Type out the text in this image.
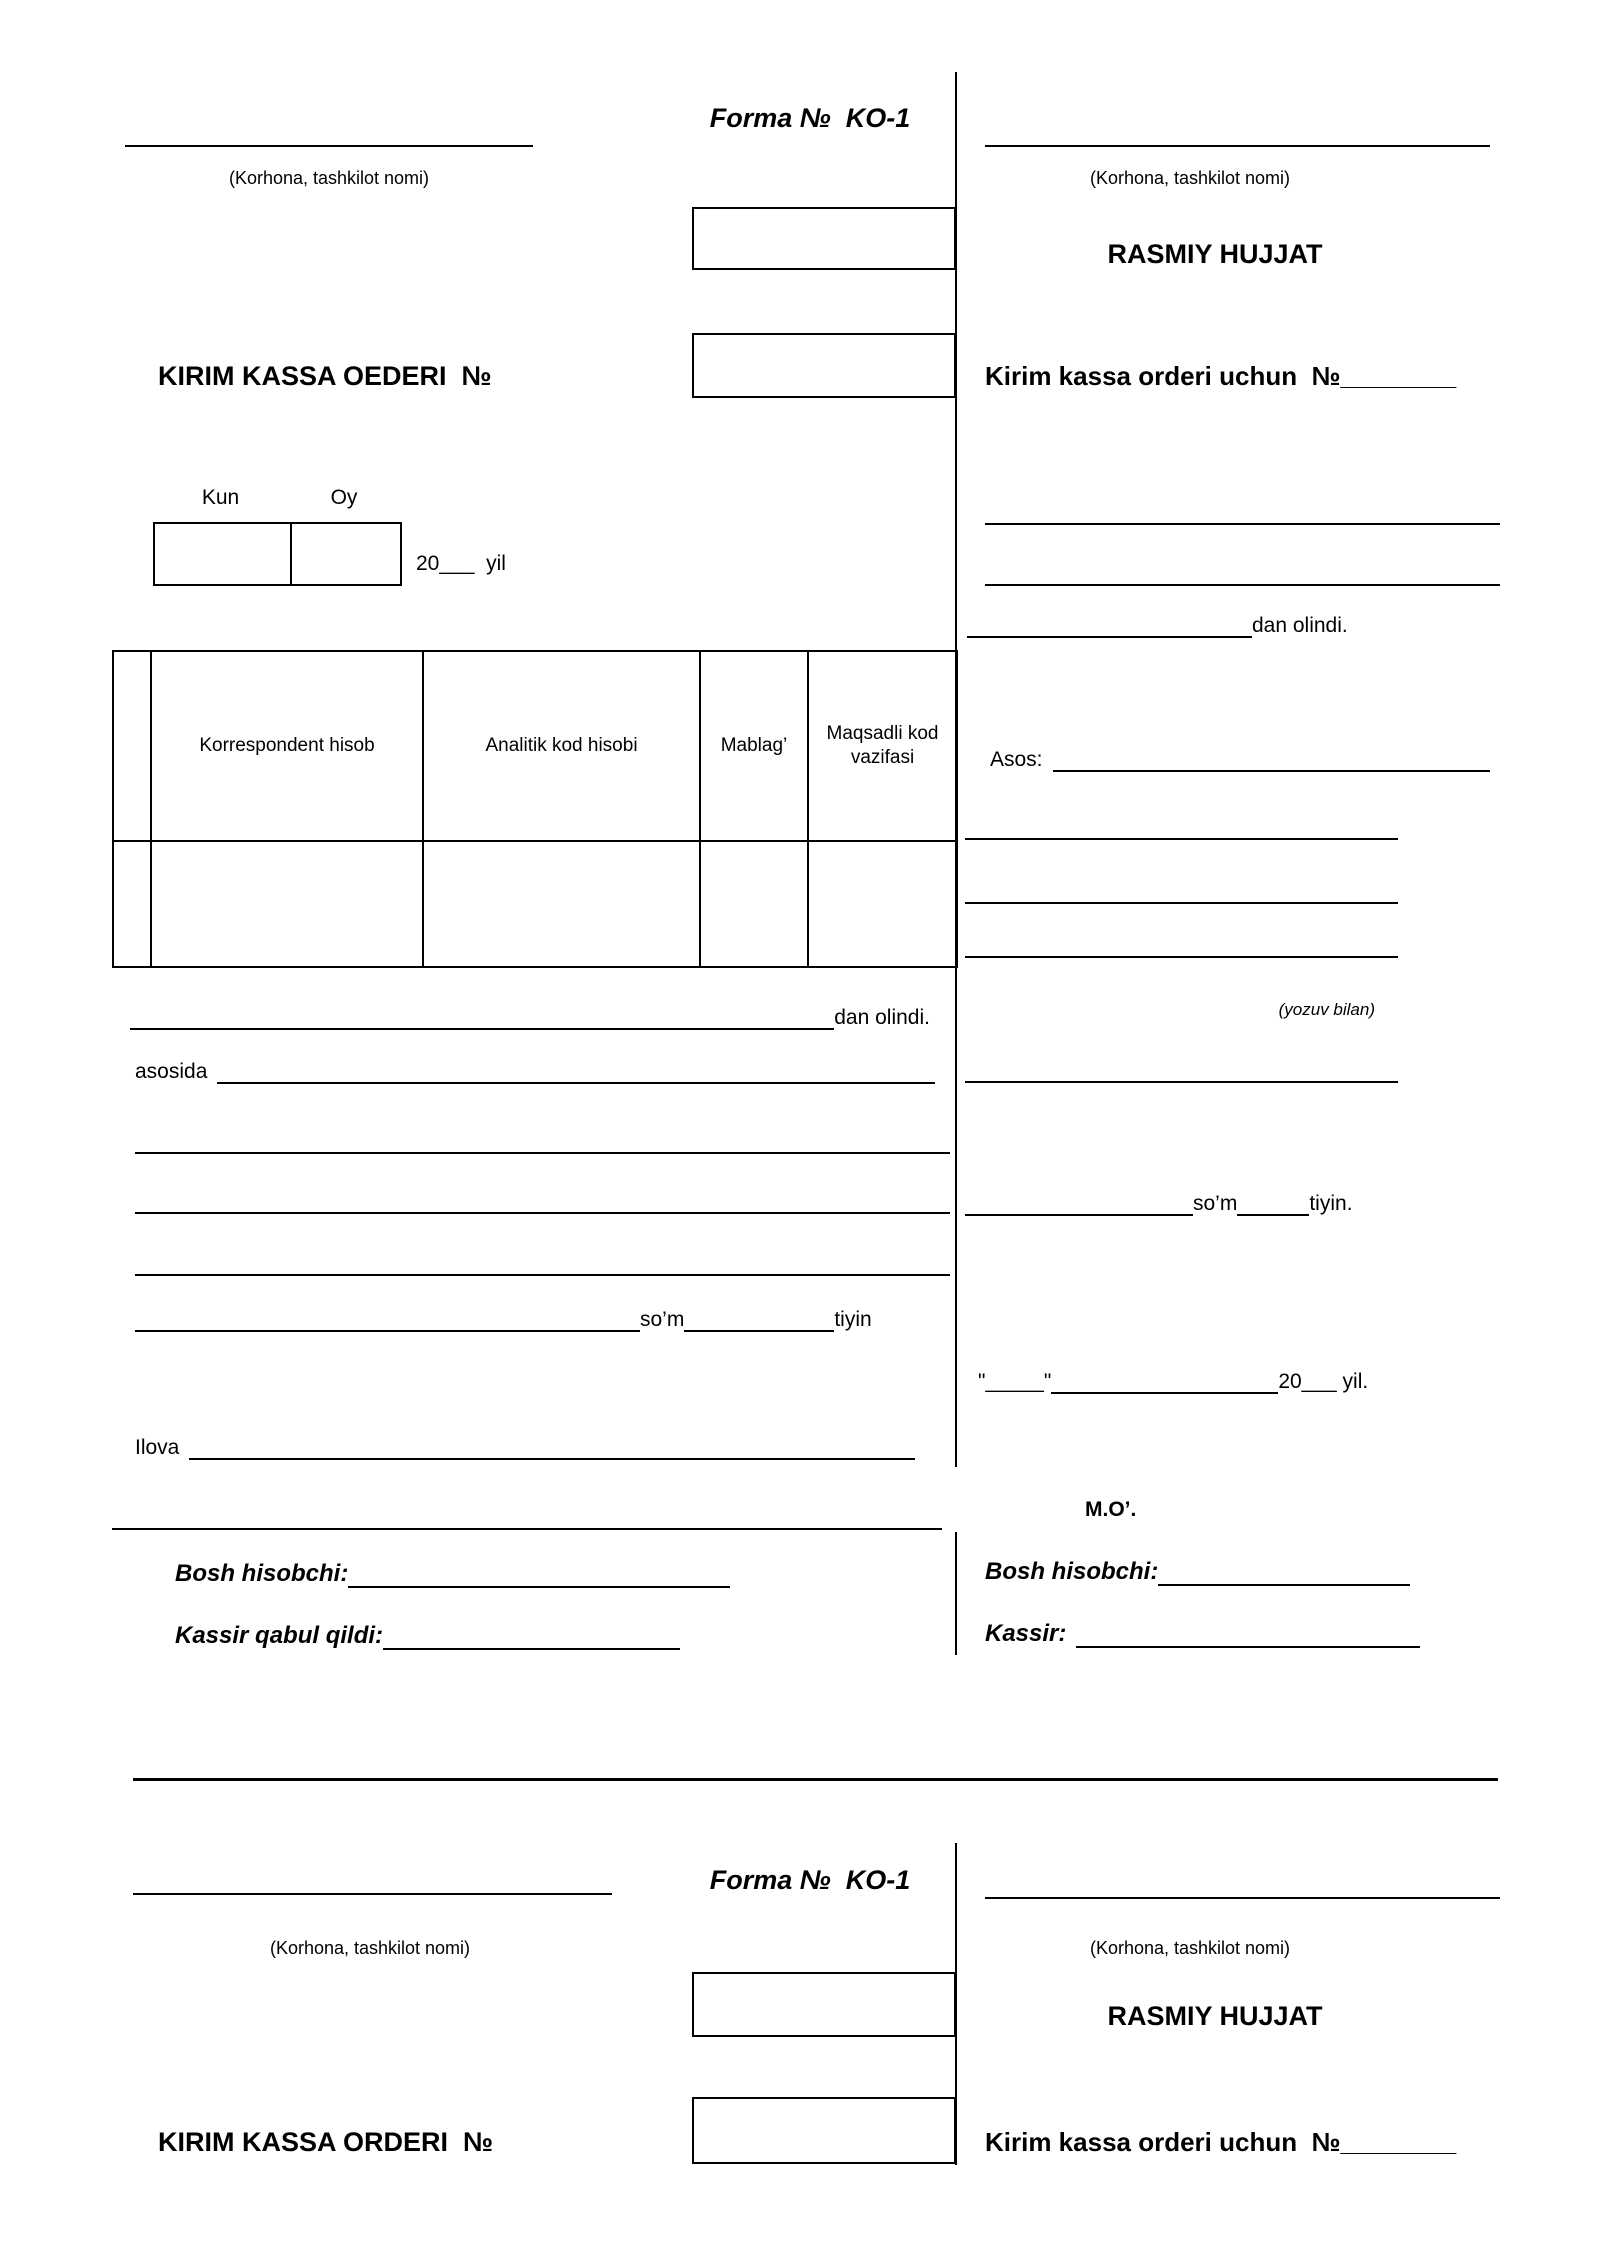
Forma №  KO-1
(Korhona, tashkilot nomi)
KIRIM KASSA OEDERI  №
Kun	Oy
20___  yil
	Korrespondent hisob	Analitik kod hisobi	Mablag’	Maqsadli kod vazifasi

dan olindi.
asosida
so’m	tiyin
Ilova
Bosh hisobchi:
Kassir qabul qildi:
(Korhona, tashkilot nomi)
RASMIY HUJJAT
Kirim kassa orderi uchun  №________
dan olindi.
Asos:
(yozuv bilan)
so’m	tiyin.
"_____"	20___ yil.
M.O’.
Bosh hisobchi:
Kassir:
Forma №  KO-1
(Korhona, tashkilot nomi)	(Korhona, tashkilot nomi)
RASMIY HUJJAT
KIRIM KASSA ORDERI  №	Kirim kassa orderi uchun  №________
